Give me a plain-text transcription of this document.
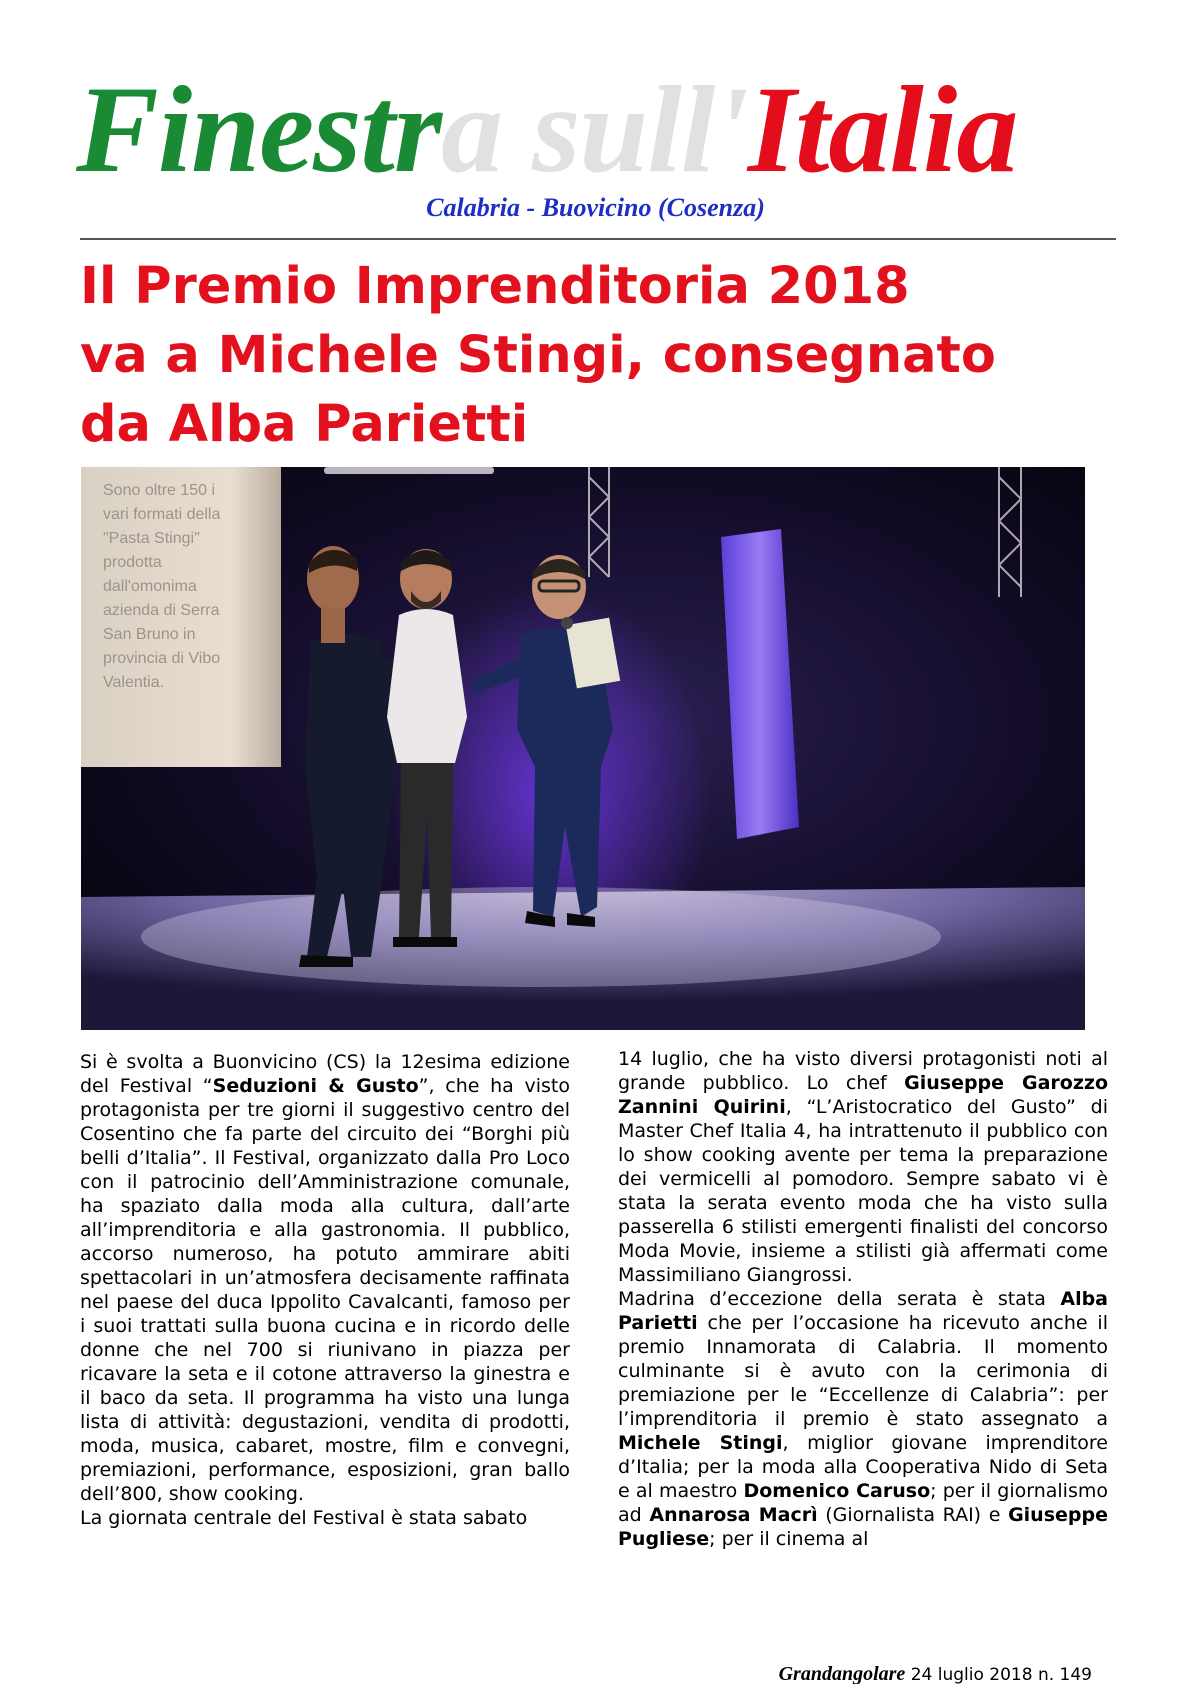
Finestra sull'Italia
Calabria - Buovicino (Cosenza)
Il Premio Imprenditoria 2018
va a Michele Stingi, consegnato
da Alba Parietti
Sono oltre 150 i
vari formati della
"Pasta Stingi"
prodotta
dall'omonima
azienda di Serra
San Bruno in
provincia di Vibo
Valentia.

Si è svolta a Buonvicino (CS) la 12esima edizione del Festival “Seduzioni & Gusto”, che ha visto protagonista per tre giorni il suggestivo centro del Cosentino che fa parte del circuito dei “Borghi più belli d’Italia”. Il Festival, organizzato dalla Pro Loco con il patrocinio dell’Amministrazione comunale, ha spaziato dalla moda alla cultura, dall’arte all’imprenditoria e alla gastronomia. Il pubblico, accorso numeroso, ha potuto ammirare abiti spettacolari in un’atmosfera decisamente raffinata nel paese del duca Ippolito Cavalcanti, famoso per i suoi trattati sulla buona cucina e in ricordo delle donne che nel 700 si riunivano in piazza per ricavare la seta e il cotone attraverso la ginestra e il baco da seta. Il programma ha visto una lunga lista di attività: degustazioni, vendita di prodotti, moda, musica, cabaret, mostre, film e convegni, premiazioni, performance, esposizioni, gran ballo dell’800, show cooking.

La giornata centrale del Festival è stata sabato

14 luglio, che ha visto diversi protagonisti noti al grande pubblico. Lo chef Giuseppe Garozzo Zannini Quirini, “L’Aristocratico del Gusto” di Master Chef Italia 4, ha intrattenuto il pubblico con lo show cooking avente per tema la preparazione dei vermicelli al pomodoro. Sempre sabato vi è stata la serata evento moda che ha visto sulla passerella 6 stilisti emergenti finalisti del concorso Moda Movie, insieme a stilisti già affermati come Massimiliano Giangrossi.

Madrina d’eccezione della serata è stata Alba Parietti che per l’occasione ha ricevuto anche il premio Innamorata di Calabria. Il momento culminante si è avuto con la cerimonia di premiazione per le “Eccellenze di Calabria”: per l’imprenditoria il premio è stato assegnato a Michele Stingi, miglior giovane imprenditore d’Italia; per la moda alla Cooperativa Nido di Seta e al maestro Domenico Caruso; per il giornalismo ad Annarosa Macrì (Giornalista RAI) e Giuseppe Pugliese; per il cinema al

Grandangolare 24 luglio 2018 n. 149
